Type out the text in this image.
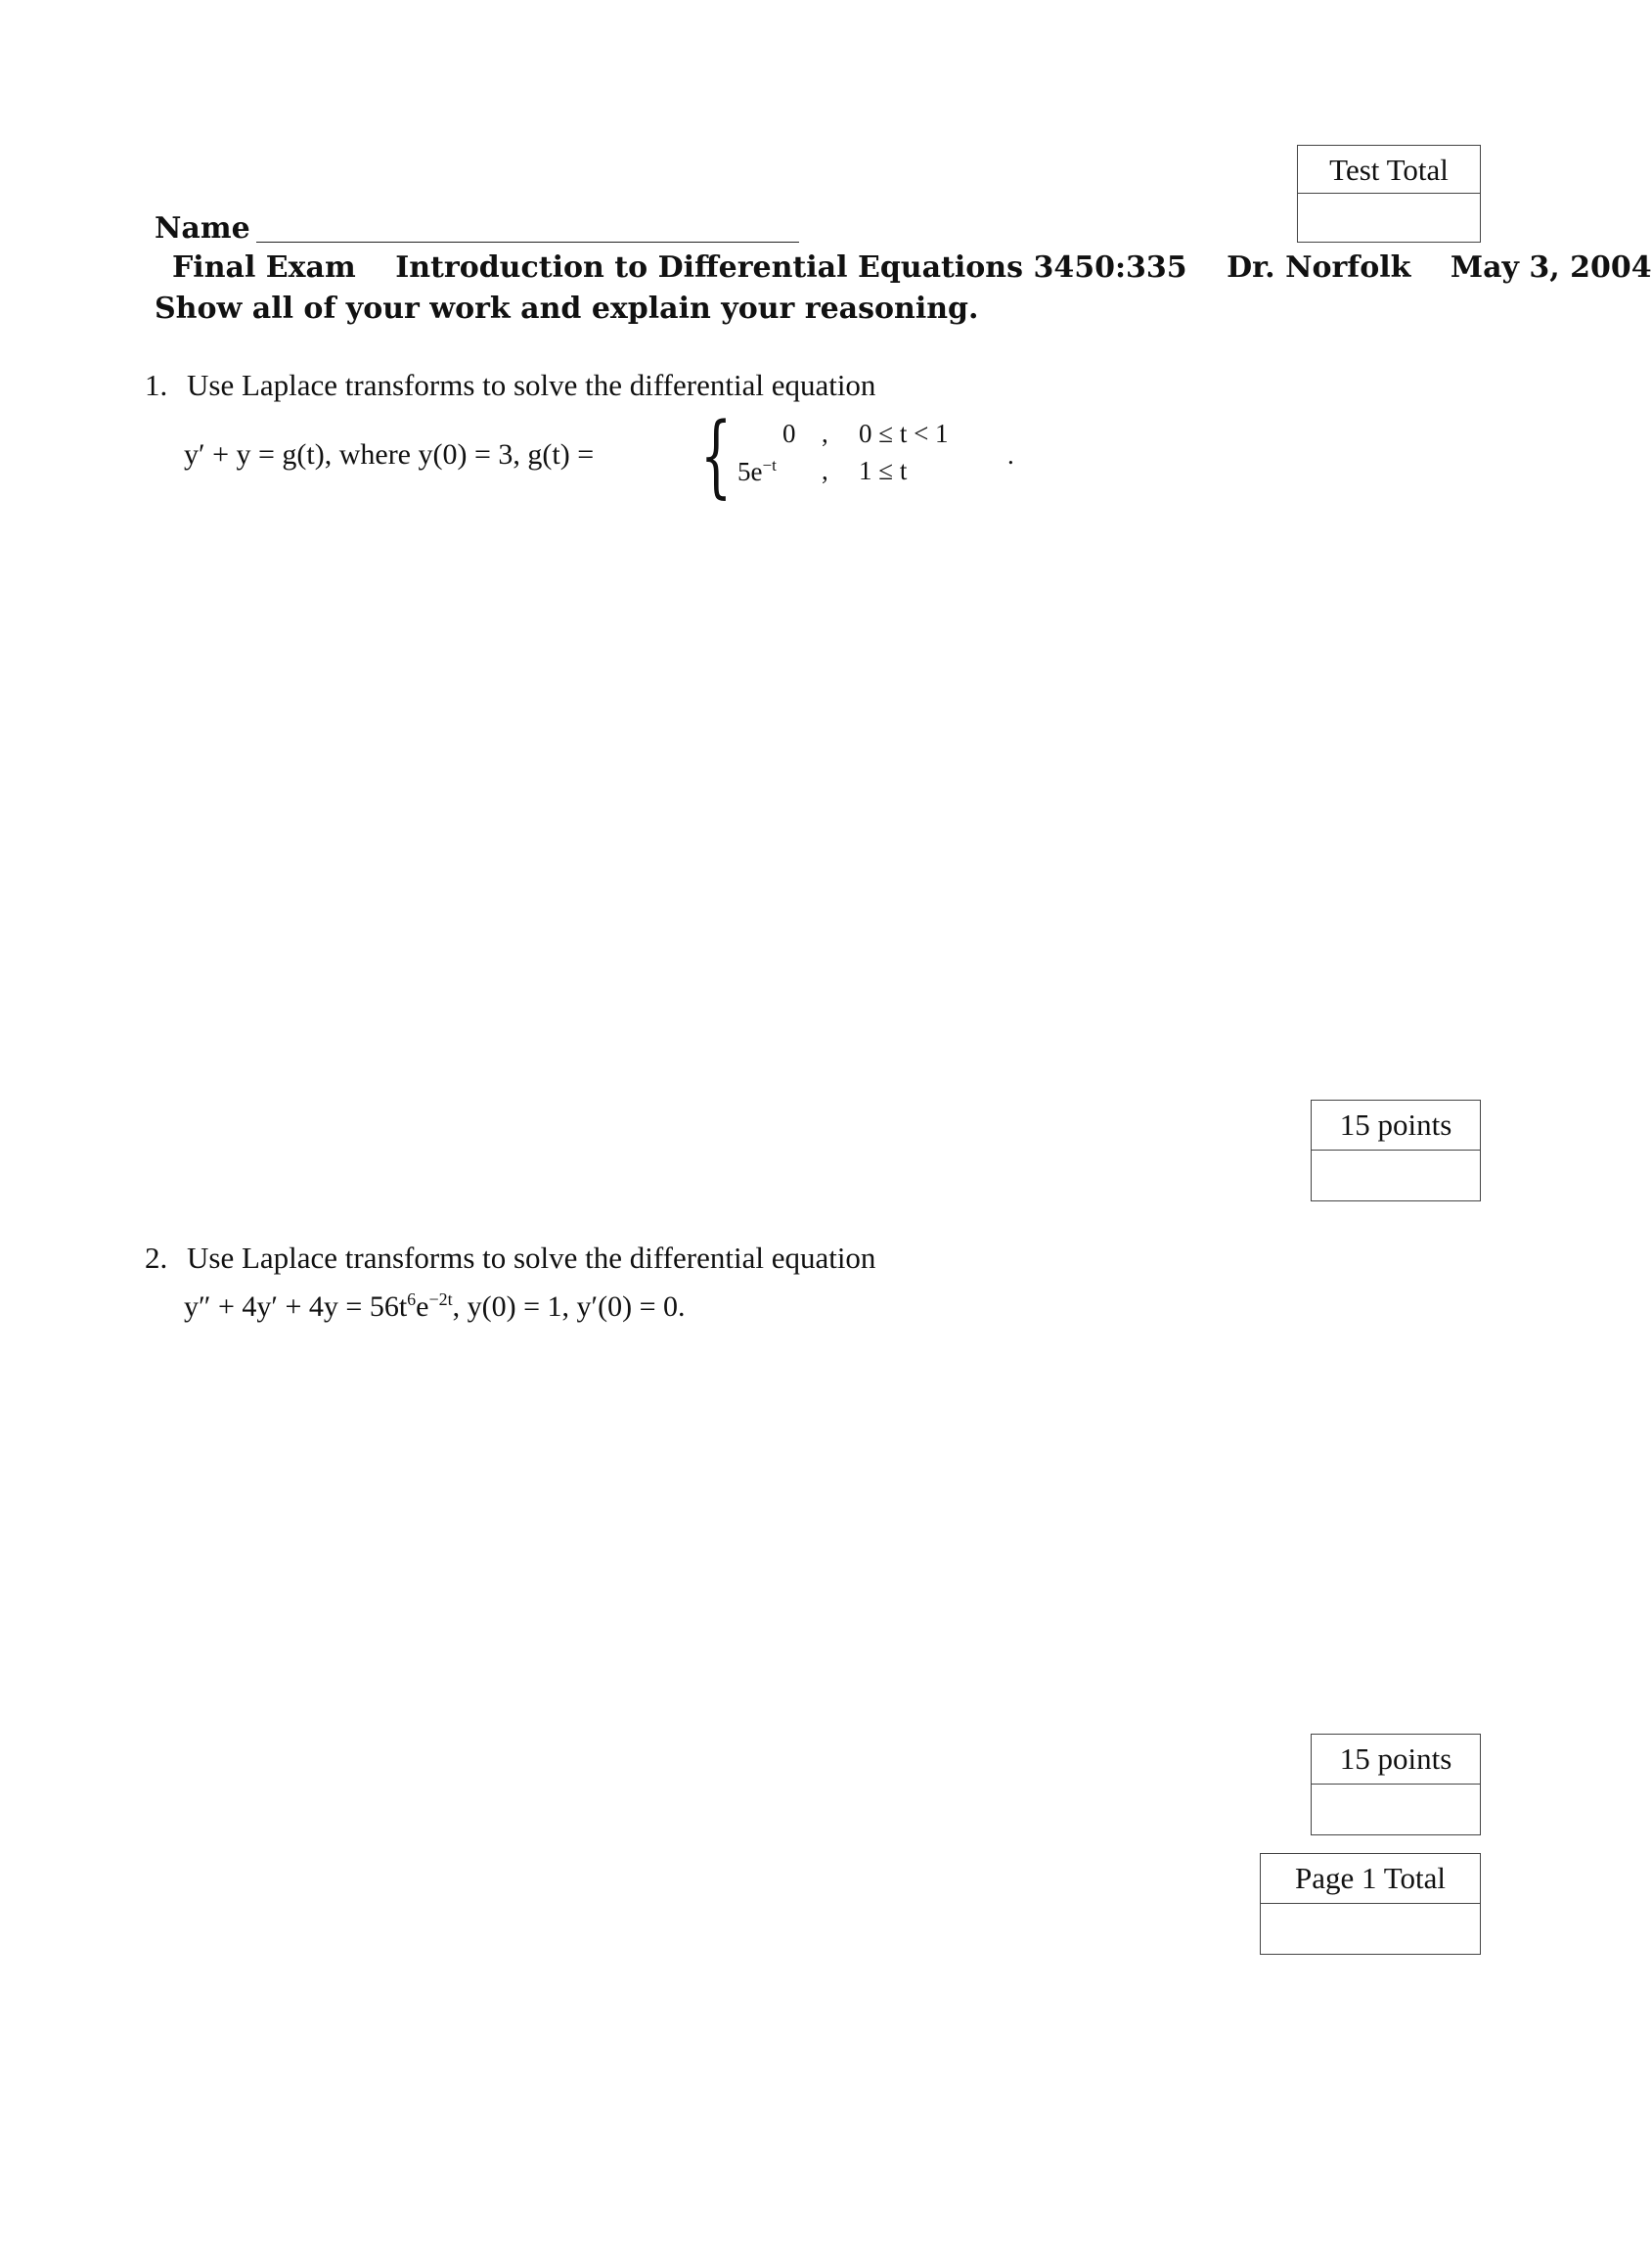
Test Total
Name
Final Exam Introduction to Differential Equations 3450:335 Dr. Norfolk May 3, 2004
Show all of your work and explain your reasoning.
1. Use Laplace transforms to solve the differential equation
y′ + y = g(t), where y(0) = 3, g(t) = { 0 , 0 ≤ t < 1
$5e^{-t}$ , 1 ≤ t
.
15 points
2. Use Laplace transforms to solve the differential equation
$y'' + 4y' + 4y = 56t^6e^{-2t}$, y(0) = 1, y′(0) = 0.
15 points
Page 1 Total
